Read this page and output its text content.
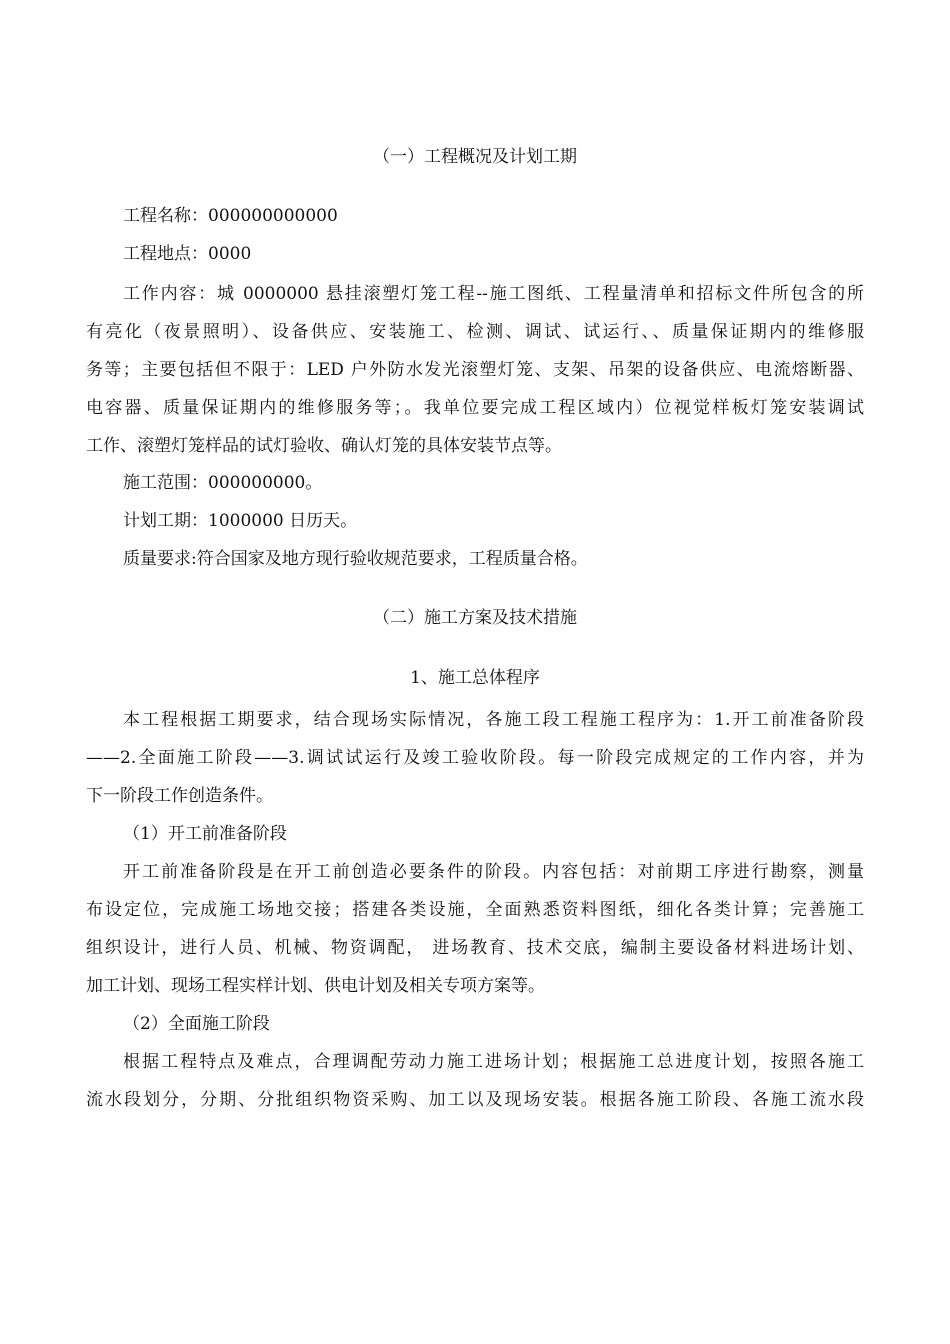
（一）工程概况及计划工期
工程名称：000000000000
工程地点：0000
工作内容：城 0000000 悬挂滚塑灯笼工程--施工图纸、工程量清单和招标文件所包含的所
有亮化（夜景照明）、设备供应、安装施工、检测、调试、试运行、、质量保证期内的维修服
务等；主要包括但不限于：LED 户外防水发光滚塑灯笼、支架、吊架的设备供应、电流熔断器、
电容器、质量保证期内的维修服务等；。我单位要完成工程区域内）位视觉样板灯笼安装调试
工作、滚塑灯笼样品的试灯验收、确认灯笼的具体安装节点等。
施工范围：000000000。
计划工期：1000000 日历天。
质量要求:符合国家及地方现行验收规范要求，工程质量合格。
（二）施工方案及技术措施
1、施工总体程序
本工程根据工期要求，结合现场实际情况，各施工段工程施工程序为：1.开工前准备阶段
——2.全面施工阶段——3.调试试运行及竣工验收阶段。每一阶段完成规定的工作内容，并为
下一阶段工作创造条件。
（1）开工前准备阶段
开工前准备阶段是在开工前创造必要条件的阶段。内容包括：对前期工序进行勘察，测量
布设定位，完成施工场地交接；搭建各类设施，全面熟悉资料图纸，细化各类计算；完善施工
组织设计，进行人员、机械、物资调配， 进场教育、技术交底，编制主要设备材料进场计划、
加工计划、现场工程实样计划、供电计划及相关专项方案等。
（2）全面施工阶段
根据工程特点及难点，合理调配劳动力施工进场计划；根据施工总进度计划，按照各施工
流水段划分，分期、分批组织物资采购、加工以及现场安装。根据各施工阶段、各施工流水段
